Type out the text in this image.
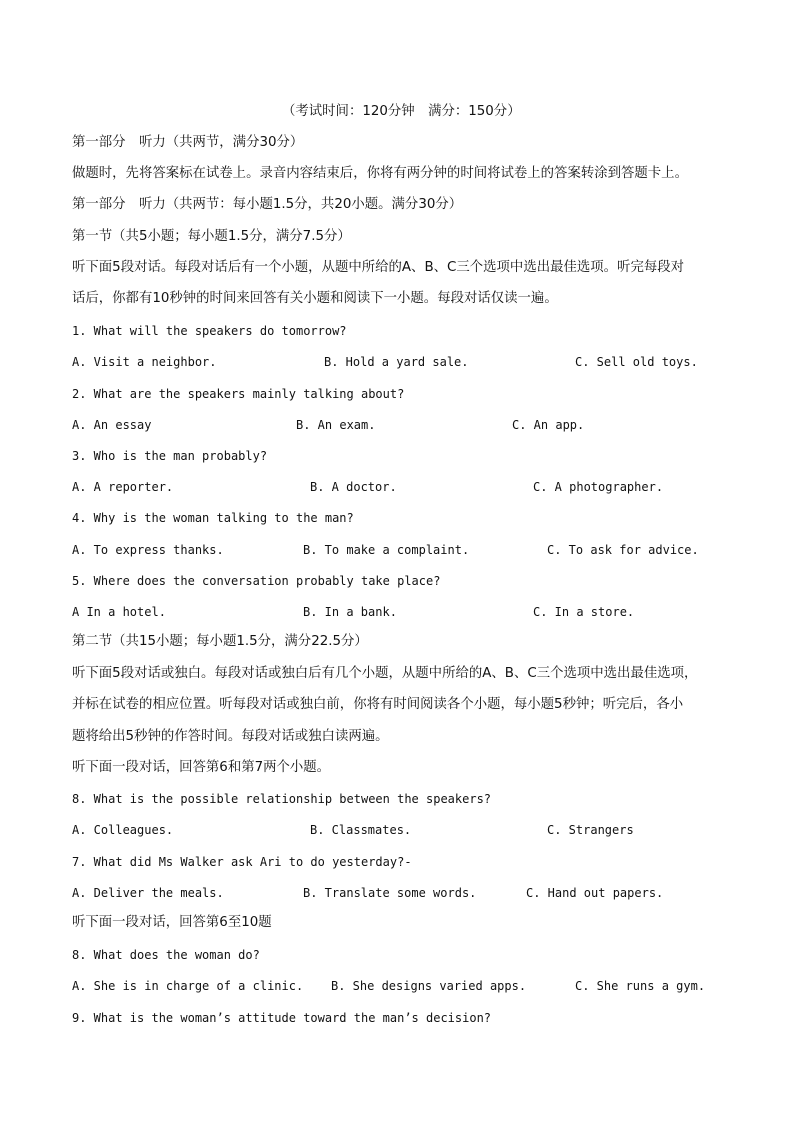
（考试时间：120分钟　满分：150分）
第一部分　听力（共两节，满分30分）
做题时，先将答案标在试卷上。录音内容结束后，你将有两分钟的时间将试卷上的答案转涂到答题卡上。
第一部分　听力（共两节：每小题1.5分，共20小题。满分30分）
第一节（共5小题；每小题1.5分，满分7.5分）
听下面5段对话。每段对话后有一个小题，从题中所给的A、B、C三个选项中选出最佳选项。听完每段对
话后，你都有10秒钟的时间来回答有关小题和阅读下一小题。每段对话仅读一遍。
1. What will the speakers do tomorrow?
A. Visit a neighbor.	B. Hold a yard sale.	C. Sell old toys.
2. What are the speakers mainly talking about?
A. An essay	B. An exam.	C. An app.
3. Who is the man probably?
A. A reporter.	B. A doctor.	C. A photographer.
4. Why is the woman talking to the man?
A. To express thanks.	B. To make a complaint.	C. To ask for advice.
5. Where does the conversation probably take place?
A In a hotel.	B. In a bank.	C. In a store.
第二节（共15小题；每小题1.5分，满分22.5分）
听下面5段对话或独白。每段对话或独白后有几个小题，从题中所给的A、B、C三个选项中选出最佳选项，
并标在试卷的相应位置。听每段对话或独白前，你将有时间阅读各个小题，每小题5秒钟；听完后，各小
题将给出5秒钟的作答时间。每段对话或独白读两遍。
听下面一段对话，回答第6和第7两个小题。
8. What is the possible relationship between the speakers?
A. Colleagues.	B. Classmates.	C. Strangers
7. What did Ms Walker ask Ari to do yesterday?-
A. Deliver the meals.	B. Translate some words.	C. Hand out papers.
听下面一段对话，回答第6至10题
8. What does the woman do?
A. She is in charge of a clinic. B. She designs varied apps.	C. She runs a gym.
9. What is the woman’s attitude toward the man’s decision?
